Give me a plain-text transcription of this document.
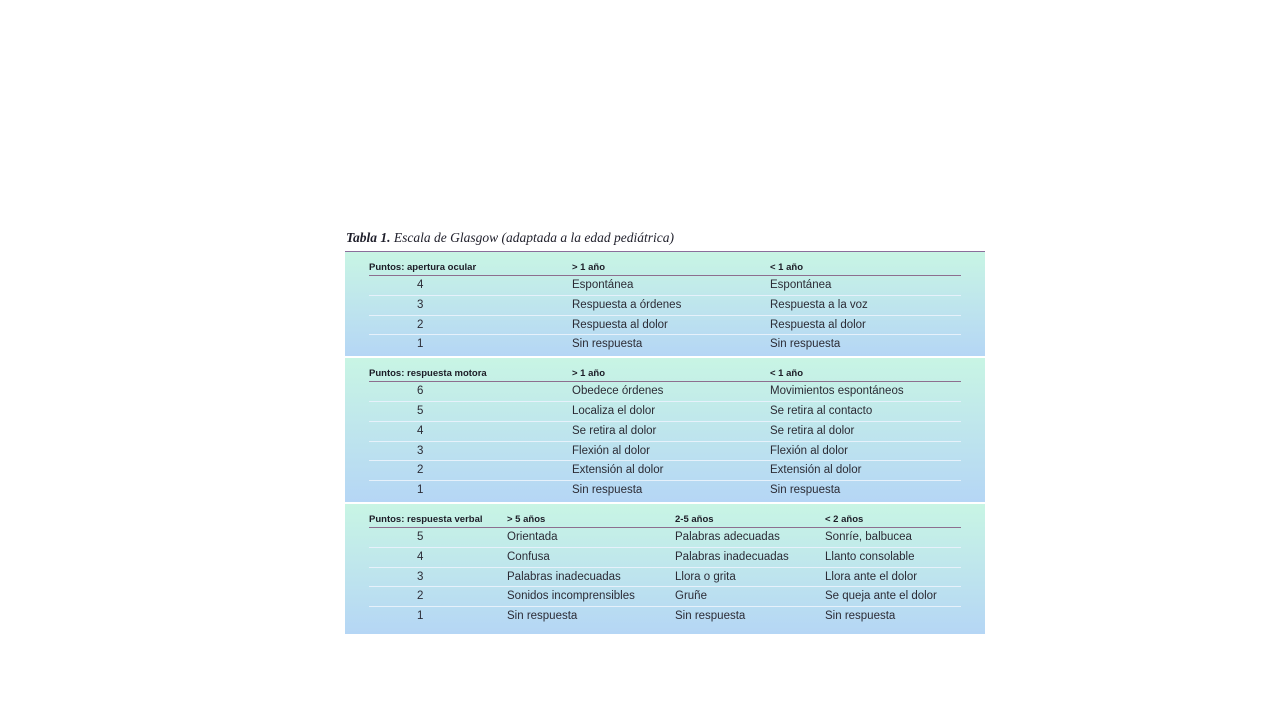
Tabla 1. Escala de Glasgow (adaptada a la edad pediátrica)
Puntos: apertura ocular	> 1 año	< 1 año
4	Espontánea	Espontánea
3	Respuesta a órdenes	Respuesta a la voz
2	Respuesta al dolor	Respuesta al dolor
1	Sin respuesta	Sin respuesta
Puntos: respuesta motora	> 1 año	< 1 año
6	Obedece órdenes	Movimientos espontáneos
5	Localiza el dolor	Se retira al contacto
4	Se retira al dolor	Se retira al dolor
3	Flexión al dolor	Flexión al dolor
2	Extensión al dolor	Extensión al dolor
1	Sin respuesta	Sin respuesta
Puntos: respuesta verbal	> 5 años	2-5 años	< 2 años
5	Orientada	Palabras adecuadas	Sonríe, balbucea
4	Confusa	Palabras inadecuadas	Llanto consolable
3	Palabras inadecuadas	Llora o grita	Llora ante el dolor
2	Sonidos incomprensibles	Gruñe	Se queja ante el dolor
1	Sin respuesta	Sin respuesta	Sin respuesta
